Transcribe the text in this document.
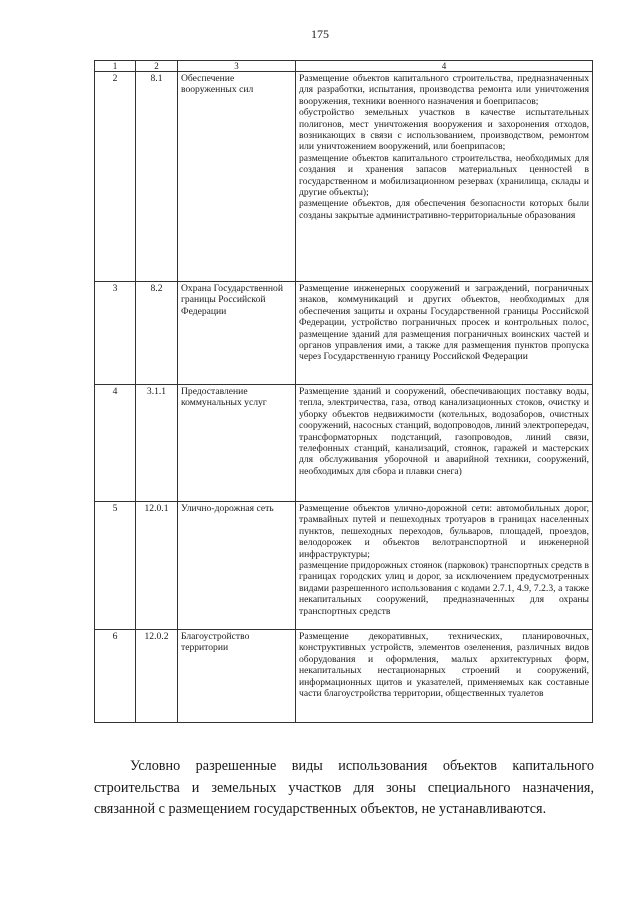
175
1	2	3	4
2	8.1	Обеспечение вооруженных сил	Размещение объектов капитального строительства, предназначенных для разработки, испытания, производства ремонта или уничтожения вооружения, техники военного назначения и боеприпасов;
обустройство земельных участков в качестве испытательных полигонов, мест уничтожения вооружения и захоронения отходов, возникающих в связи с использованием, производством, ремонтом или уничтожением вооружений, или боеприпасов;
размещение объектов капитального строительства, необходимых для создания и хранения запасов материальных ценностей в государственном и мобилизационном резервах (хранилища, склады и другие объекты);
размещение объектов, для обеспечения безопасности которых были созданы закрытые административно-территориальные образования

3	8.2	Охрана Государственной границы Российской Федерации	Размещение инженерных сооружений и заграждений, пограничных знаков, коммуникаций и других объектов, необходимых для обеспечения защиты и охраны Государственной границы Российской Федерации, устройство пограничных просек и контрольных полос, размещение зданий для размещения пограничных воинских частей и органов управления ими, а также для размещения пунктов пропуска через Государственную границу Российской Федерации

4	3.1.1	Предоставление коммунальных услуг	Размещение зданий и сооружений, обеспечивающих поставку воды, тепла, электричества, газа, отвод канализационных стоков, очистку и уборку объектов недвижимости (котельных, водозаборов, очистных сооружений, насосных станций, водопроводов, линий электропередач, трансформаторных подстанций, газопроводов, линий связи, телефонных станций, канализаций, стоянок, гаражей и мастерских для обслуживания уборочной и аварийной техники, сооружений, необходимых для сбора и плавки снега)

5	12.0.1	Улично-дорожная сеть	Размещение объектов улично-дорожной сети: автомобильных дорог, трамвайных путей и пешеходных тротуаров в границах населенных пунктов, пешеходных переходов, бульваров, площадей, проездов, велодорожек и объектов велотранспортной и инженерной инфраструктуры;
размещение придорожных стоянок (парковок) транспортных средств в границах городских улиц и дорог, за исключением предусмотренных видами разрешенного использования с кодами 2.7.1, 4.9, 7.2.3, а также некапитальных сооружений, предназначенных для охраны транспортных средств

6	12.0.2	Благоустройство территории	Размещение декоративных, технических, планировочных, конструктивных устройств, элементов озеленения, различных видов оборудования и оформления, малых архитектурных форм, некапитальных нестационарных строений и сооружений, информационных щитов и указателей, применяемых как составные части благоустройства территории, общественных туалетов

Условно разрешенные виды использования объектов капитального строительства и земельных участков для зоны специального назначения, связанной с размещением государственных объектов, не устанавливаются.
